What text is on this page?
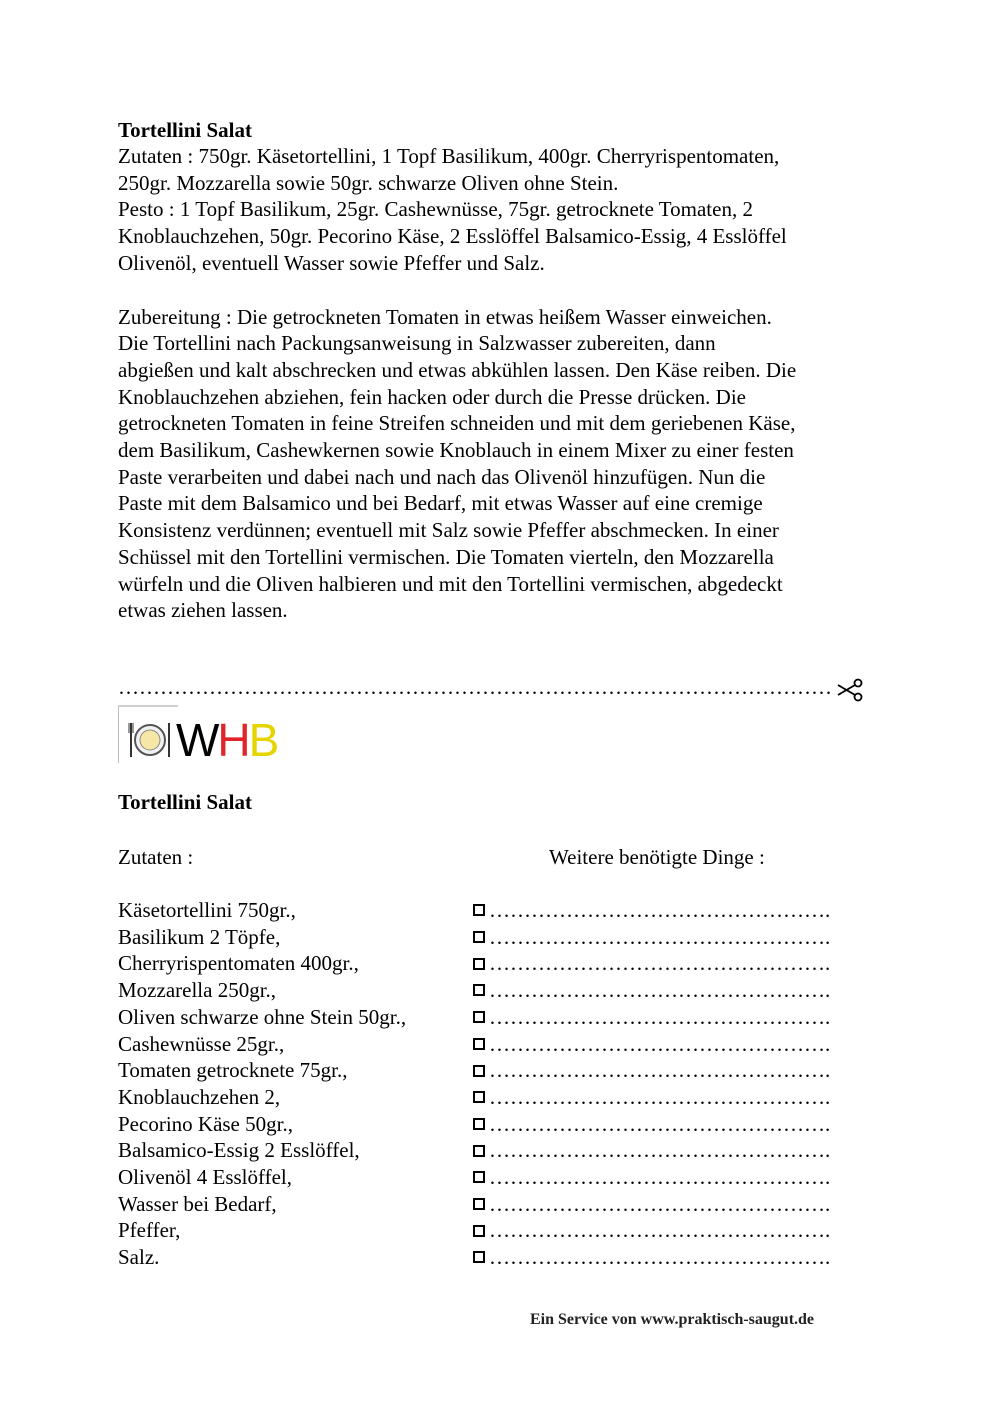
Tortellini Salat
Zutaten : 750gr. Käsetortellini, 1 Topf Basilikum, 400gr. Cherryrispentomaten,
250gr. Mozzarella sowie 50gr. schwarze Oliven ohne Stein.
Pesto : 1 Topf Basilikum, 25gr. Cashewnüsse, 75gr. getrocknete Tomaten, 2
Knoblauchzehen, 50gr. Pecorino Käse, 2 Esslöffel Balsamico-Essig, 4 Esslöffel
Olivenöl, eventuell Wasser sowie Pfeffer und Salz.
Zubereitung : Die getrockneten Tomaten in etwas heißem Wasser einweichen.
Die Tortellini nach Packungsanweisung in Salzwasser zubereiten, dann
abgießen und kalt abschrecken und etwas abkühlen lassen. Den Käse reiben. Die
Knoblauchzehen abziehen, fein hacken oder durch die Presse drücken. Die
getrockneten Tomaten in feine Streifen schneiden und mit dem geriebenen Käse,
dem Basilikum, Cashewkernen sowie Knoblauch in einem Mixer zu einer festen
Paste verarbeiten und dabei nach und nach das Olivenöl hinzufügen. Nun die
Paste mit dem Balsamico und bei Bedarf, mit etwas Wasser auf eine cremige
Konsistenz verdünnen; eventuell mit Salz sowie Pfeffer abschmecken. In einer
Schüssel mit den Tortellini vermischen. Die Tomaten vierteln, den Mozzarella
würfeln und die Oliven halbieren und mit den Tortellini vermischen, abgedeckt
etwas ziehen lassen.
…………………………………………………………………………………………
WHB
Tortellini Salat
Zutaten :	Weitere benötigte Dinge :
Käsetortellini 750gr.,
Basilikum 2 Töpfe,
Cherryrispentomaten 400gr.,
Mozzarella 250gr.,
Oliven schwarze ohne Stein 50gr.,
Cashewnüsse 25gr.,
Tomaten getrocknete 75gr.,
Knoblauchzehen 2,
Pecorino Käse 50gr.,
Balsamico-Essig 2 Esslöffel,
Olivenöl 4 Esslöffel,
Wasser bei Bedarf,
Pfeffer,
Salz.
………………………………………….
………………………………………….
………………………………………….
………………………………………….
………………………………………….
………………………………………….
………………………………………….
………………………………………….
………………………………………….
………………………………………….
………………………………………….
………………………………………….
………………………………………….
………………………………………….
Ein Service von www.praktisch-saugut.de
